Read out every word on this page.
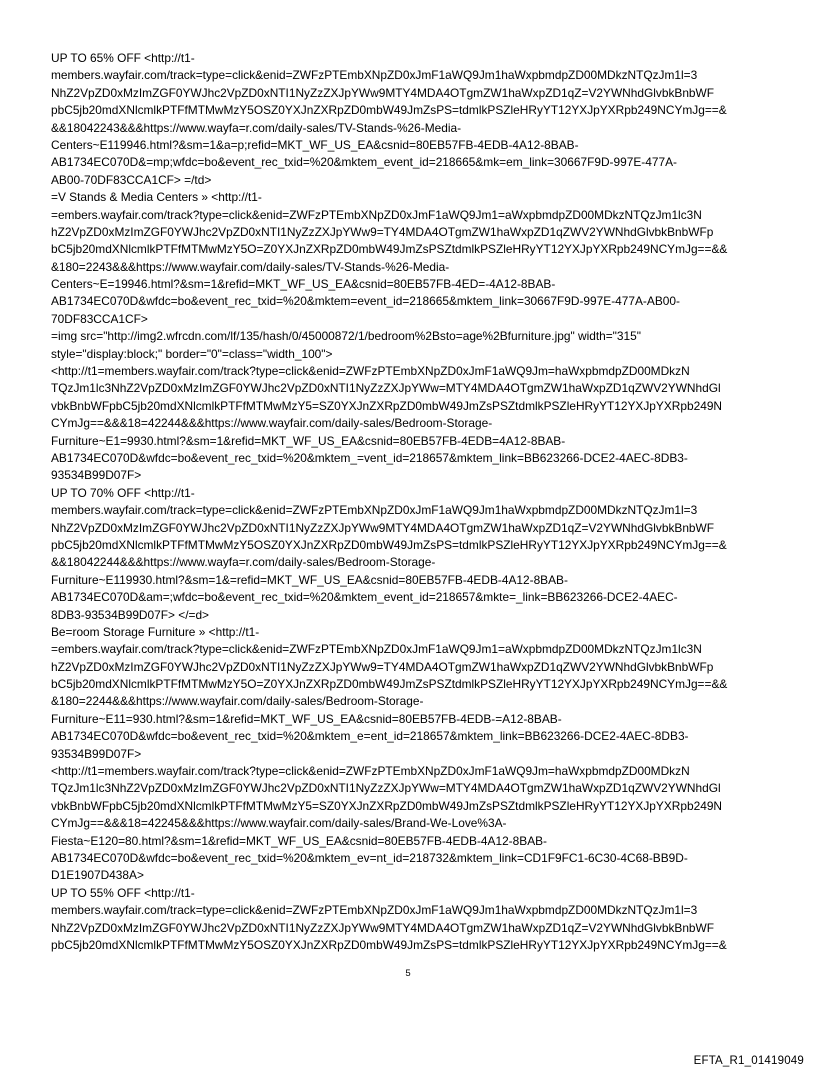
UP TO 65% OFF <http://t1-
members.wayfair.com/track=type=click&enid=ZWFzPTEmbXNpZD0xJmF1aWQ9Jm1haWxpbmdpZD00MDkzNTQzJm1l=3
NhZ2VpZD0xMzImZGF0YWJhc2VpZD0xNTI1NyZzZXJpYWw9MTY4MDA4OTgmZW1haWxpZD1qZ=V2YWNhdGlvbkBnbWF
pbC5jb20mdXNlcmlkPTFfMTMwMzY5OSZ0YXJnZXRpZD0mbW49JmZsPS=tdmlkPSZleHRyYT12YXJpYXRpb249NCYmJg==&
&&18042243&&&https://www.wayfa=r.com/daily-sales/TV-Stands-%26-Media-
Centers~E119946.html?&sm=1&a=p;refid=MKT_WF_US_EA&csnid=80EB57FB-4EDB-4A12-8BAB-
AB1734EC070D&=mp;wfdc=bo&event_rec_txid=%20&mktem_event_id=218665&mk=em_link=30667F9D-997E-477A-
AB00-70DF83CCA1CF> =/td>
=V Stands & Media Centers » <http://t1-
=embers.wayfair.com/track?type=click&enid=ZWFzPTEmbXNpZD0xJmF1aWQ9Jm1=aWxpbmdpZD00MDkzNTQzJm1lc3N
hZ2VpZD0xMzImZGF0YWJhc2VpZD0xNTI1NyZzZXJpYWw9=TY4MDA4OTgmZW1haWxpZD1qZWV2YWNhdGlvbkBnbWFp
bC5jb20mdXNlcmlkPTFfMTMwMzY5O=Z0YXJnZXRpZD0mbW49JmZsPSZtdmlkPSZleHRyYT12YXJpYXRpb249NCYmJg==&&
&180=2243&&&https://www.wayfair.com/daily-sales/TV-Stands-%26-Media-
Centers~E=19946.html?&sm=1&refid=MKT_WF_US_EA&csnid=80EB57FB-4ED=-4A12-8BAB-
AB1734EC070D&wfdc=bo&event_rec_txid=%20&mktem=event_id=218665&mktem_link=30667F9D-997E-477A-AB00-
70DF83CCA1CF>
=img src="http://img2.wfrcdn.com/lf/135/hash/0/45000872/1/bedroom%2Bsto=age%2Bfurniture.jpg" width="315"
style="display:block;" border="0"=class="width_100">
<http://t1=members.wayfair.com/track?type=click&enid=ZWFzPTEmbXNpZD0xJmF1aWQ9Jm=haWxpbmdpZD00MDkzN
TQzJm1lc3NhZ2VpZD0xMzImZGF0YWJhc2VpZD0xNTI1NyZzZXJpYWw=MTY4MDA4OTgmZW1haWxpZD1qZWV2YWNhdGl
vbkBnbWFpbC5jb20mdXNlcmlkPTFfMTMwMzY5=SZ0YXJnZXRpZD0mbW49JmZsPSZtdmlkPSZleHRyYT12YXJpYXRpb249N
CYmJg==&&&18=42244&&&https://www.wayfair.com/daily-sales/Bedroom-Storage-
Furniture~E1=9930.html?&sm=1&refid=MKT_WF_US_EA&csnid=80EB57FB-4EDB=4A12-8BAB-
AB1734EC070D&wfdc=bo&event_rec_txid=%20&mktem_=vent_id=218657&mktem_link=BB623266-DCE2-4AEC-8DB3-
93534B99D07F>
UP TO 70% OFF <http://t1-
members.wayfair.com/track=type=click&enid=ZWFzPTEmbXNpZD0xJmF1aWQ9Jm1haWxpbmdpZD00MDkzNTQzJm1l=3
NhZ2VpZD0xMzImZGF0YWJhc2VpZD0xNTI1NyZzZXJpYWw9MTY4MDA4OTgmZW1haWxpZD1qZ=V2YWNhdGlvbkBnbWF
pbC5jb20mdXNlcmlkPTFfMTMwMzY5OSZ0YXJnZXRpZD0mbW49JmZsPS=tdmlkPSZleHRyYT12YXJpYXRpb249NCYmJg==&
&&18042244&&&https://www.wayfa=r.com/daily-sales/Bedroom-Storage-
Furniture~E119930.html?&sm=1&=refid=MKT_WF_US_EA&csnid=80EB57FB-4EDB-4A12-8BAB-
AB1734EC070D&am=;wfdc=bo&event_rec_txid=%20&mktem_event_id=218657&mkte=_link=BB623266-DCE2-4AEC-
8DB3-93534B99D07F> </=d>
Be=room Storage Furniture » <http://t1-
=embers.wayfair.com/track?type=click&enid=ZWFzPTEmbXNpZD0xJmF1aWQ9Jm1=aWxpbmdpZD00MDkzNTQzJm1lc3N
hZ2VpZD0xMzImZGF0YWJhc2VpZD0xNTI1NyZzZXJpYWw9=TY4MDA4OTgmZW1haWxpZD1qZWV2YWNhdGlvbkBnbWFp
bC5jb20mdXNlcmlkPTFfMTMwMzY5O=Z0YXJnZXRpZD0mbW49JmZsPSZtdmlkPSZleHRyYT12YXJpYXRpb249NCYmJg==&&
&180=2244&&&https://www.wayfair.com/daily-sales/Bedroom-Storage-
Furniture~E11=930.html?&sm=1&refid=MKT_WF_US_EA&csnid=80EB57FB-4EDB-=A12-8BAB-
AB1734EC070D&wfdc=bo&event_rec_txid=%20&mktem_e=ent_id=218657&mktem_link=BB623266-DCE2-4AEC-8DB3-
93534B99D07F>
<http://t1=members.wayfair.com/track?type=click&enid=ZWFzPTEmbXNpZD0xJmF1aWQ9Jm=haWxpbmdpZD00MDkzN
TQzJm1lc3NhZ2VpZD0xMzImZGF0YWJhc2VpZD0xNTI1NyZzZXJpYWw=MTY4MDA4OTgmZW1haWxpZD1qZWV2YWNhdGl
vbkBnbWFpbC5jb20mdXNlcmlkPTFfMTMwMzY5=SZ0YXJnZXRpZD0mbW49JmZsPSZtdmlkPSZleHRyYT12YXJpYXRpb249N
CYmJg==&&&18=42245&&&https://www.wayfair.com/daily-sales/Brand-We-Love%3A-
Fiesta~E120=80.html?&sm=1&refid=MKT_WF_US_EA&csnid=80EB57FB-4EDB-4A12-8BAB-
AB1734EC070D&wfdc=bo&event_rec_txid=%20&mktem_ev=nt_id=218732&mktem_link=CD1F9FC1-6C30-4C68-BB9D-
D1E1907D438A>
UP TO 55% OFF <http://t1-
members.wayfair.com/track=type=click&enid=ZWFzPTEmbXNpZD0xJmF1aWQ9Jm1haWxpbmdpZD00MDkzNTQzJm1l=3
NhZ2VpZD0xMzImZGF0YWJhc2VpZD0xNTI1NyZzZXJpYWw9MTY4MDA4OTgmZW1haWxpZD1qZ=V2YWNhdGlvbkBnbWF
pbC5jb20mdXNlcmlkPTFfMTMwMzY5OSZ0YXJnZXRpZD0mbW49JmZsPS=tdmlkPSZleHRyYT12YXJpYXRpb249NCYmJg==&
5
EFTA_R1_01419049
